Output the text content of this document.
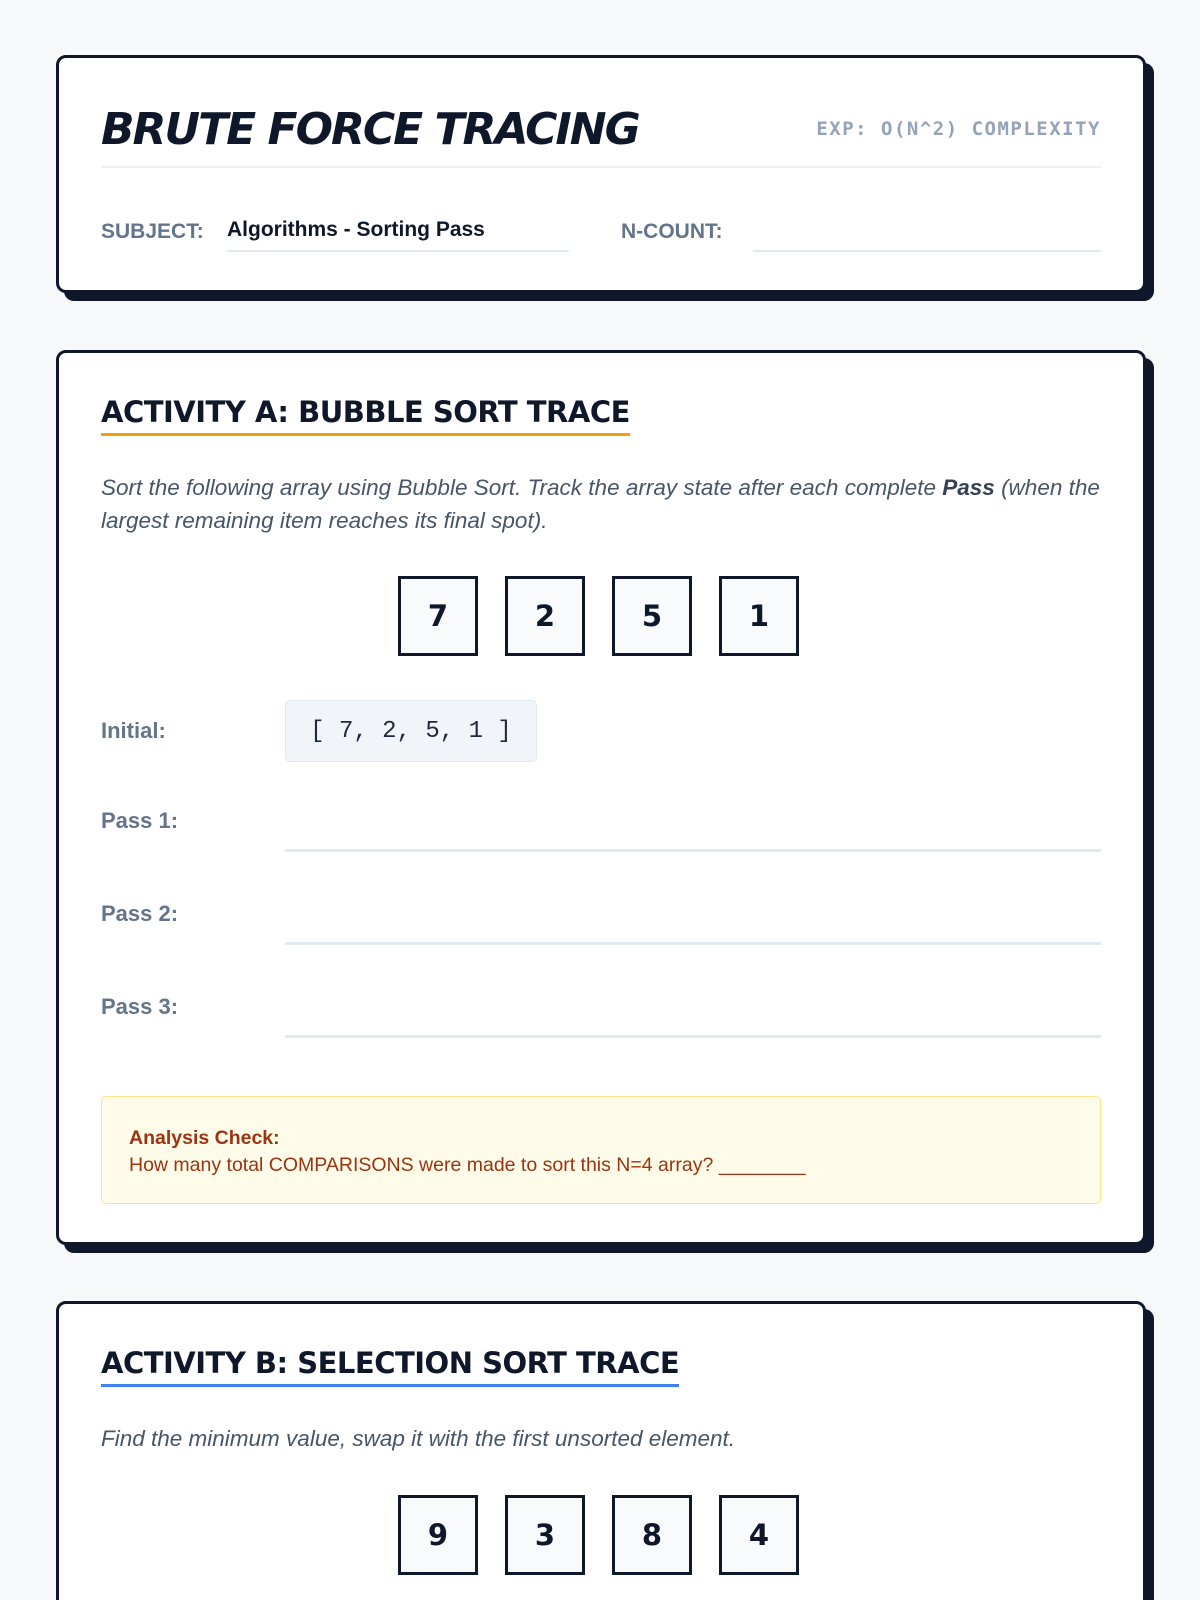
BRUTE FORCE TRACING	EXP: O(N^2) COMPLEXITY
SUBJECT: Algorithms - Sorting Pass	N-COUNT:
ACTIVITY A: BUBBLE SORT TRACE
Sort the following array using Bubble Sort. Track the array state after each complete Pass (when the largest remaining item reaches its final spot).
7	2	5	1
Initial:	[ 7, 2, 5, 1 ]
Pass 1:
Pass 2:
Pass 3:
Analysis Check:
How many total COMPARISONS were made to sort this N=4 array? ________
ACTIVITY B: SELECTION SORT TRACE
Find the minimum value, swap it with the first unsorted element.
9	3	8	4
